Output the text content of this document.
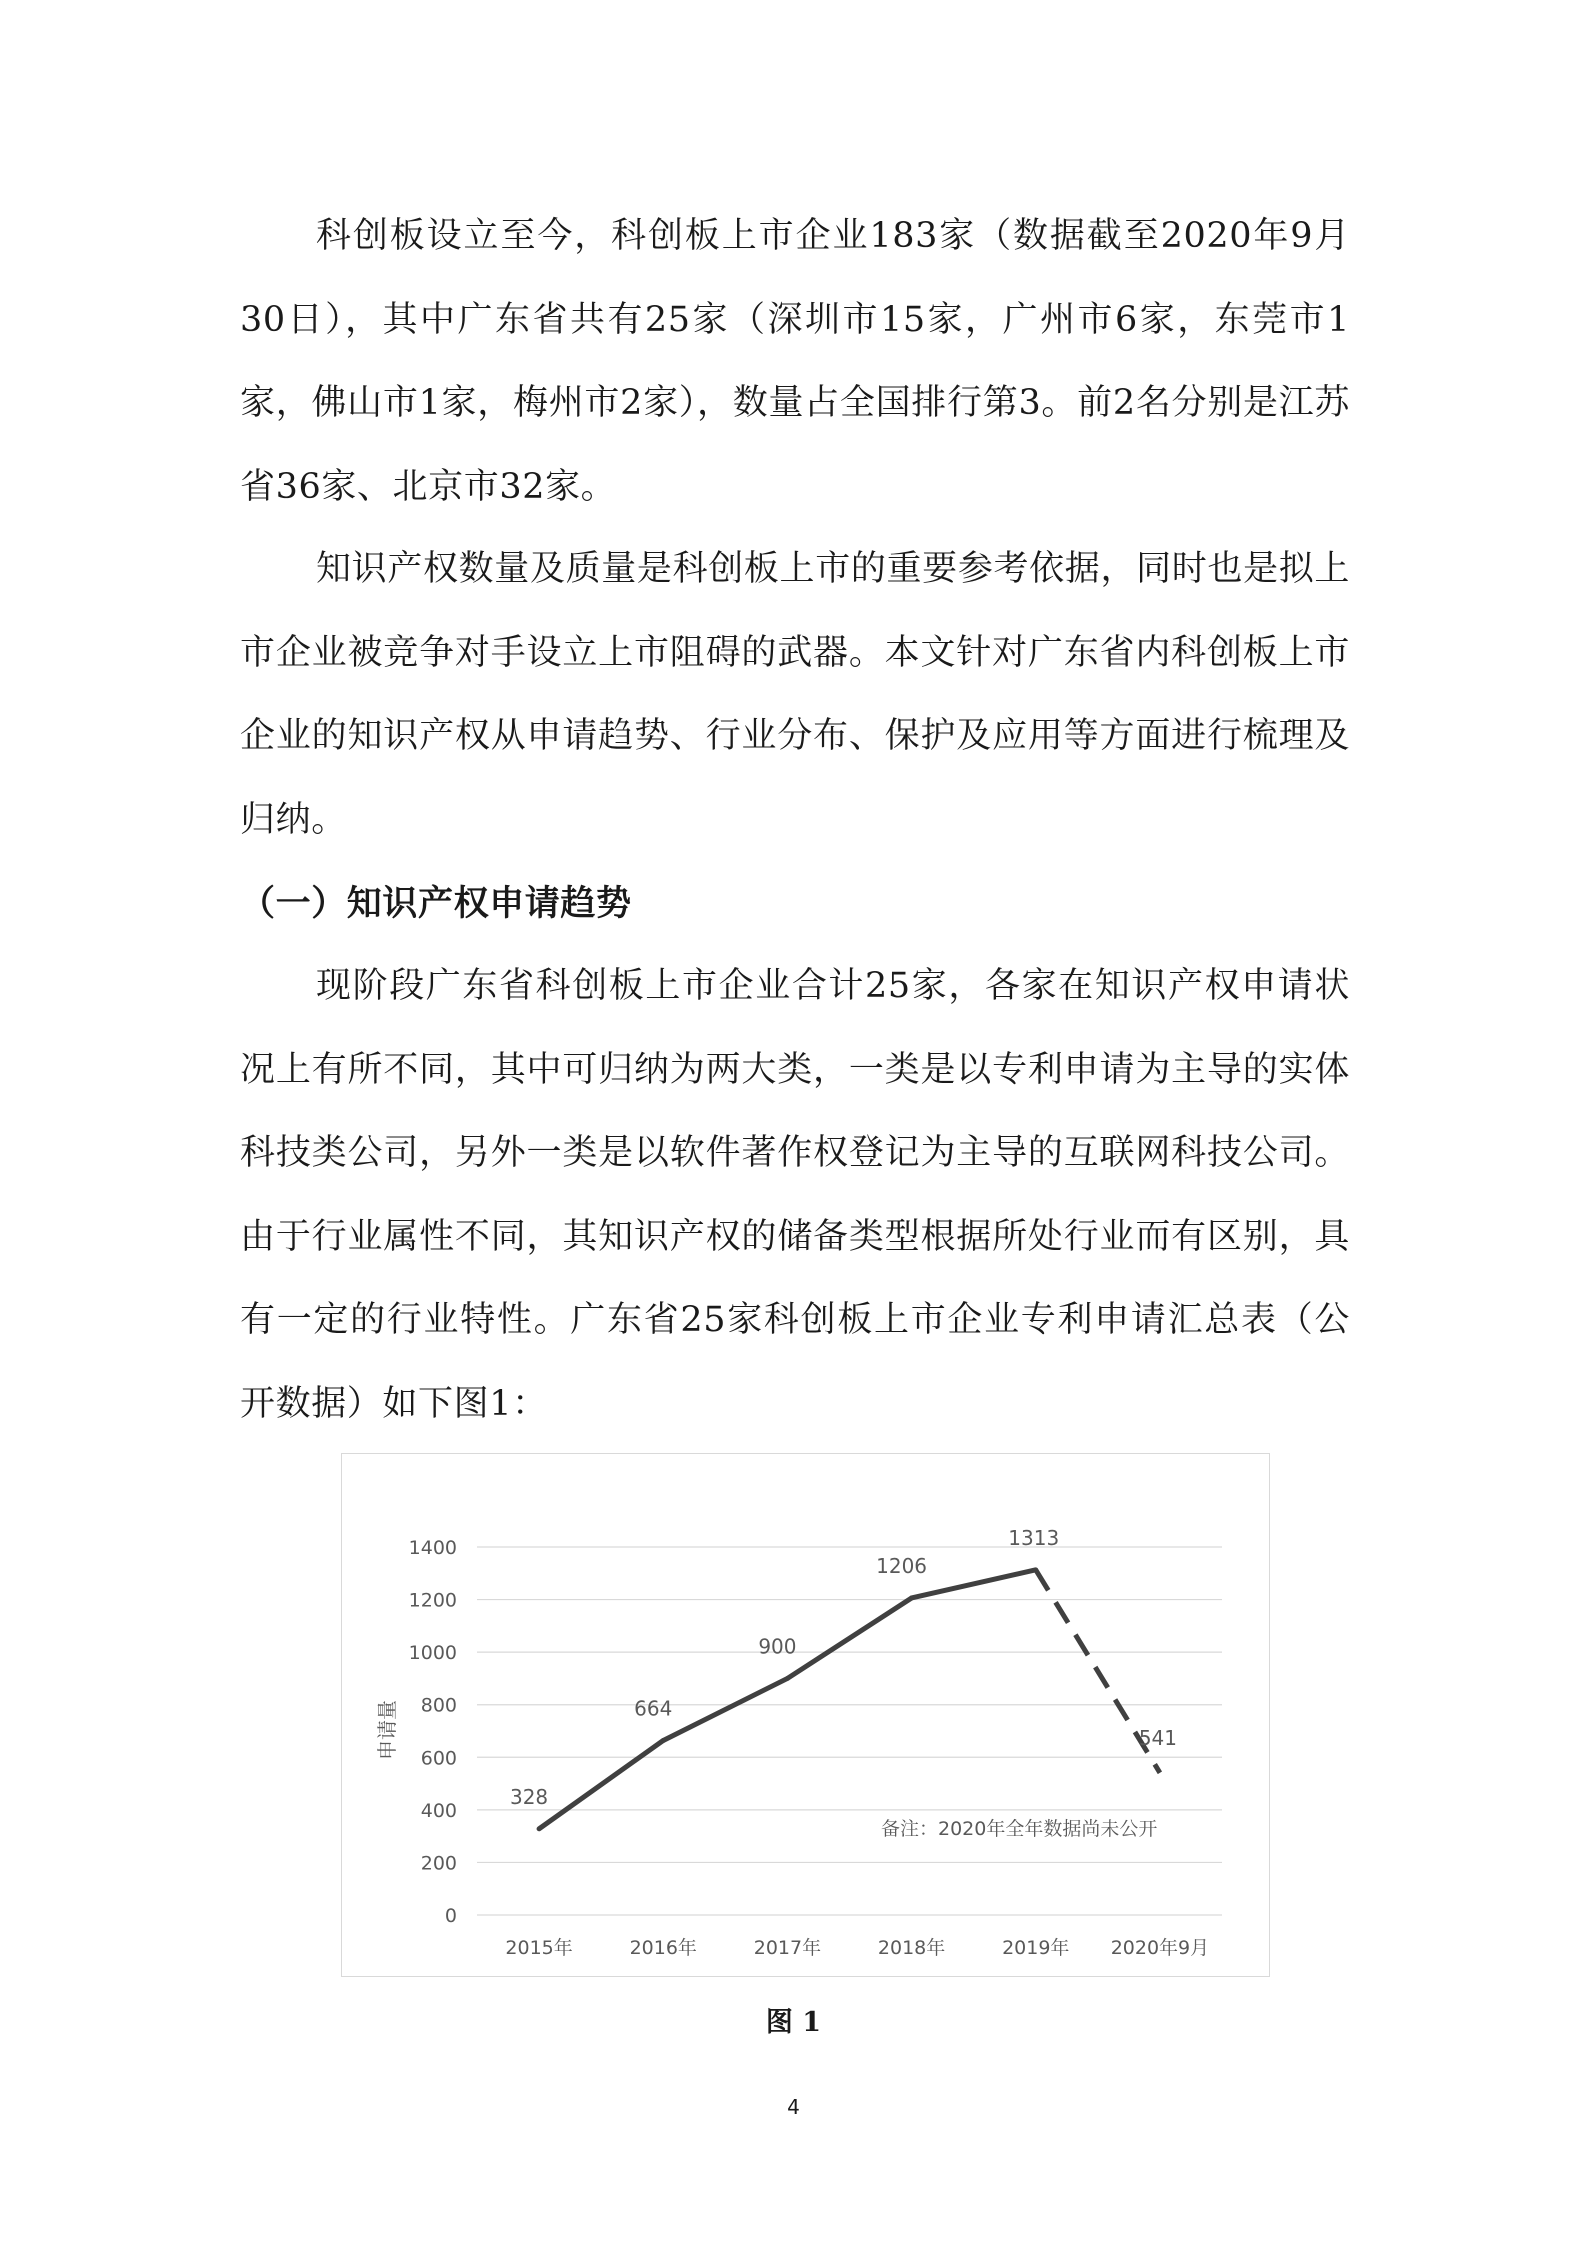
科创板设立至今，科创板上市企业183家（数据截至2020年9月30日），其中广东省共有25家（深圳市15家，广州市6家，东莞市1家，佛山市1家，梅州市2家），数量占全国排行第3。前2名分别是江苏省36家、北京市32家。

知识产权数量及质量是科创板上市的重要参考依据，同时也是拟上市企业被竞争对手设立上市阻碍的武器。本文针对广东省内科创板上市企业的知识产权从申请趋势、行业分布、保护及应用等方面进行梳理及归纳。

（一）知识产权申请趋势

现阶段广东省科创板上市企业合计25家，各家在知识产权申请状况上有所不同，其中可归纳为两大类，一类是以专利申请为主导的实体科技类公司，另外一类是以软件著作权登记为主导的互联网科技公司。由于行业属性不同，其知识产权的储备类型根据所处行业而有区别，具有一定的行业特性。广东省25家科创板上市企业专利申请汇总表（公开数据）如下图1：

0
200
400
600
800
1000
1200
1400
2015年	2016年	2017年	2018年	2019年 2020年9月
328
664
900
1206
1313
541
申请量
备注：2020年全年数据尚未公开

图 1

4
